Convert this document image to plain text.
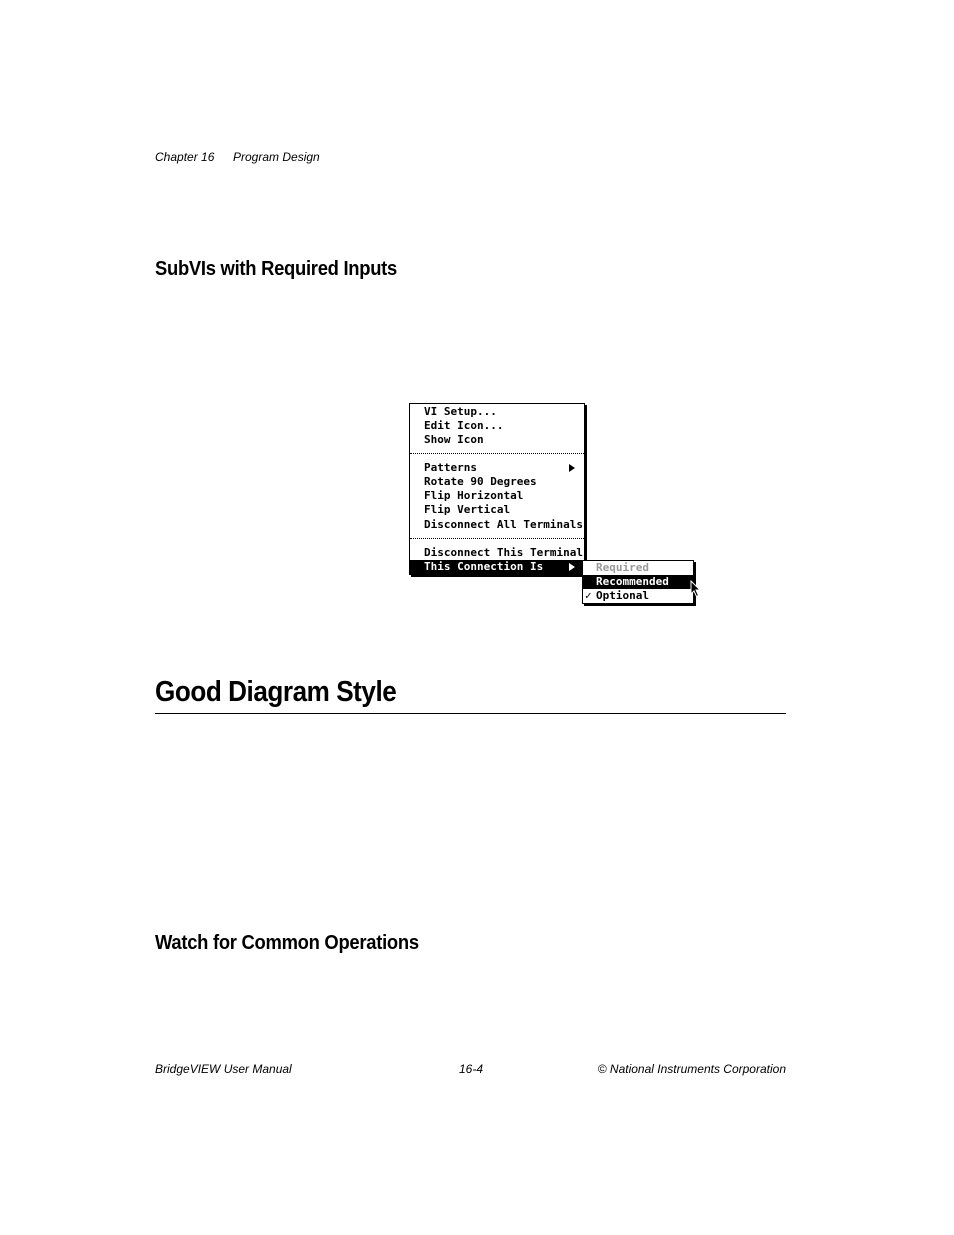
Chapter 16 Program Design
SubVIs with Required Inputs
VI Setup...
Edit Icon...
Show Icon
Patterns
Rotate 90 Degrees
Flip Horizontal
Flip Vertical
Disconnect All Terminals
Disconnect This Terminal
This Connection Is	Required
Recommended
✓ Optional
Good Diagram Style
Watch for Common Operations
BridgeVIEW User Manual	16-4	© National Instruments Corporation
